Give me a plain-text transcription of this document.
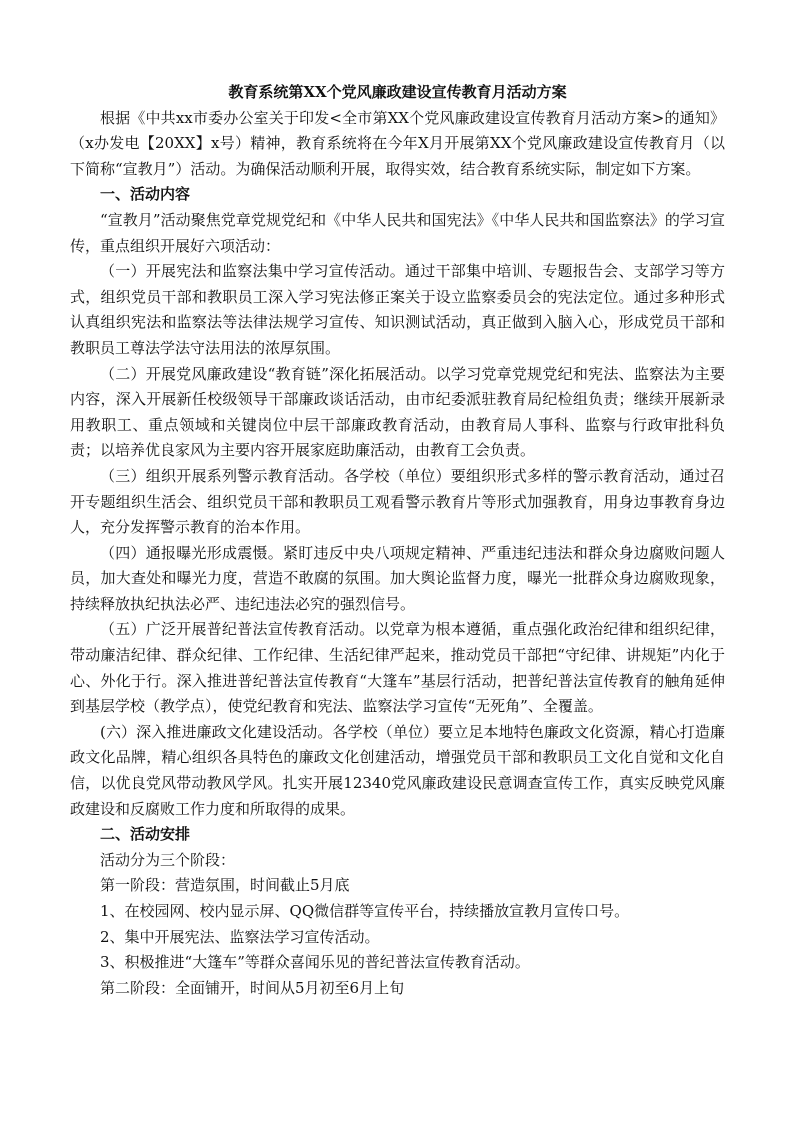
教育系统第XX个党风廉政建设宣传教育月活动方案

根据《中共xx市委办公室关于印发<全市第XX个党风廉政建设宣传教育月活动方案>的通知》（x办发电【20XX】x号）精神，教育系统将在今年X月开展第XX个党风廉政建设宣传教育月（以下简称“宣教月”）活动。为确保活动顺利开展，取得实效，结合教育系统实际，制定如下方案。

一、活动内容

“宣教月”活动聚焦党章党规党纪和《中华人民共和国宪法》《中华人民共和国监察法》的学习宣传，重点组织开展好六项活动：

（一）开展宪法和监察法集中学习宣传活动。通过干部集中培训、专题报告会、支部学习等方式，组织党员干部和教职员工深入学习宪法修正案关于设立监察委员会的宪法定位。通过多种形式认真组织宪法和监察法等法律法规学习宣传、知识测试活动，真正做到入脑入心，形成党员干部和教职员工尊法学法守法用法的浓厚氛围。

（二）开展党风廉政建设“教育链”深化拓展活动。以学习党章党规党纪和宪法、监察法为主要内容，深入开展新任校级领导干部廉政谈话活动，由市纪委派驻教育局纪检组负责；继续开展新录用教职工、重点领域和关键岗位中层干部廉政教育活动，由教育局人事科、监察与行政审批科负责；以培养优良家风为主要内容开展家庭助廉活动，由教育工会负责。

（三）组织开展系列警示教育活动。各学校（单位）要组织形式多样的警示教育活动，通过召开专题组织生活会、组织党员干部和教职员工观看警示教育片等形式加强教育，用身边事教育身边人，充分发挥警示教育的治本作用。

（四）通报曝光形成震慑。紧盯违反中央八项规定精神、严重违纪违法和群众身边腐败问题人员，加大查处和曝光力度，营造不敢腐的氛围。加大舆论监督力度，曝光一批群众身边腐败现象，持续释放执纪执法必严、违纪违法必究的强烈信号。

（五）广泛开展普纪普法宣传教育活动。以党章为根本遵循，重点强化政治纪律和组织纪律，带动廉洁纪律、群众纪律、工作纪律、生活纪律严起来，推动党员干部把“守纪律、讲规矩”内化于心、外化于行。深入推进普纪普法宣传教育“大篷车”基层行活动，把普纪普法宣传教育的触角延伸到基层学校（教学点），使党纪教育和宪法、监察法学习宣传“无死角”、全覆盖。

(六）深入推进廉政文化建设活动。各学校（单位）要立足本地特色廉政文化资源，精心打造廉政文化品牌，精心组织各具特色的廉政文化创建活动，增强党员干部和教职员工文化自觉和文化自信，以优良党风带动教风学风。扎实开展12340党风廉政建设民意调查宣传工作，真实反映党风廉政建设和反腐败工作力度和所取得的成果。

二、活动安排

活动分为三个阶段：

第一阶段：营造氛围，时间截止5月底

1、在校园网、校内显示屏、QQ微信群等宣传平台，持续播放宣教月宣传口号。

2、集中开展宪法、监察法学习宣传活动。

3、积极推进“大篷车”等群众喜闻乐见的普纪普法宣传教育活动。

第二阶段：全面铺开，时间从5月初至6月上旬
